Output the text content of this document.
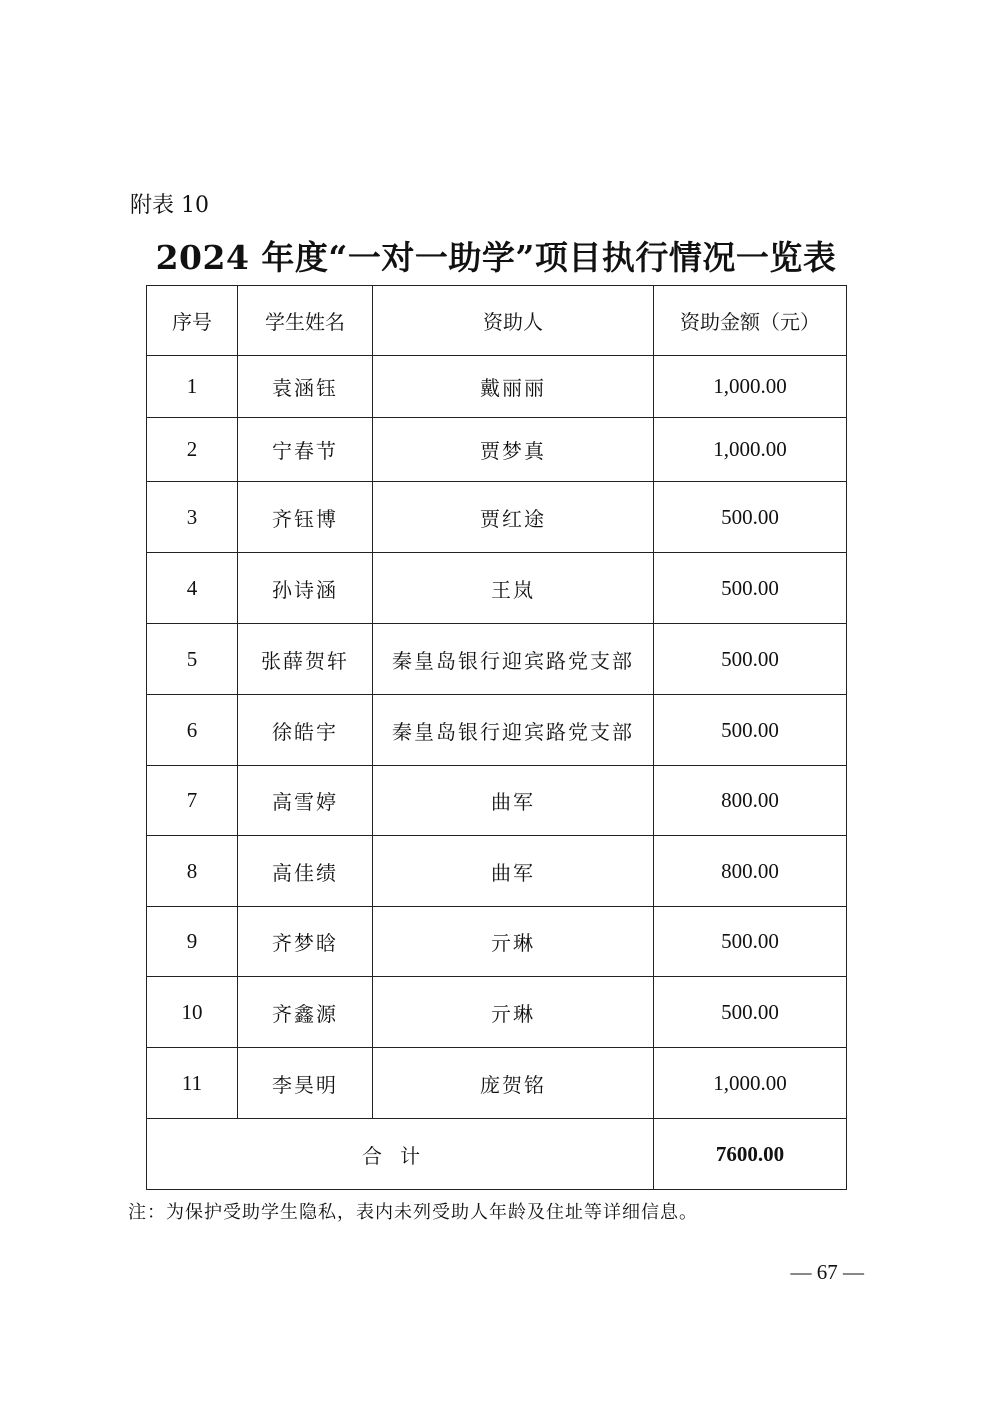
附表 10
2024 年度“一对一助学”项目执行情况一览表
序号	学生姓名	资助人	资助金额（元）
1	袁涵钰	戴丽丽	1,000.00
2	宁春节	贾梦真	1,000.00
3	齐钰博	贾红途	500.00
4	孙诗涵	王岚	500.00
5	张薛贺轩	秦皇岛银行迎宾路党支部	500.00
6	徐皓宇	秦皇岛银行迎宾路党支部	500.00
7	高雪婷	曲军	800.00
8	高佳绩	曲军	800.00
9	齐梦晗	亓琳	500.00
10	齐鑫源	亓琳	500.00
11	李昊明	庞贺铭	1,000.00
合计			7600.00
注：为保护受助学生隐私，表内未列受助人年龄及住址等详细信息。
— 67 —
